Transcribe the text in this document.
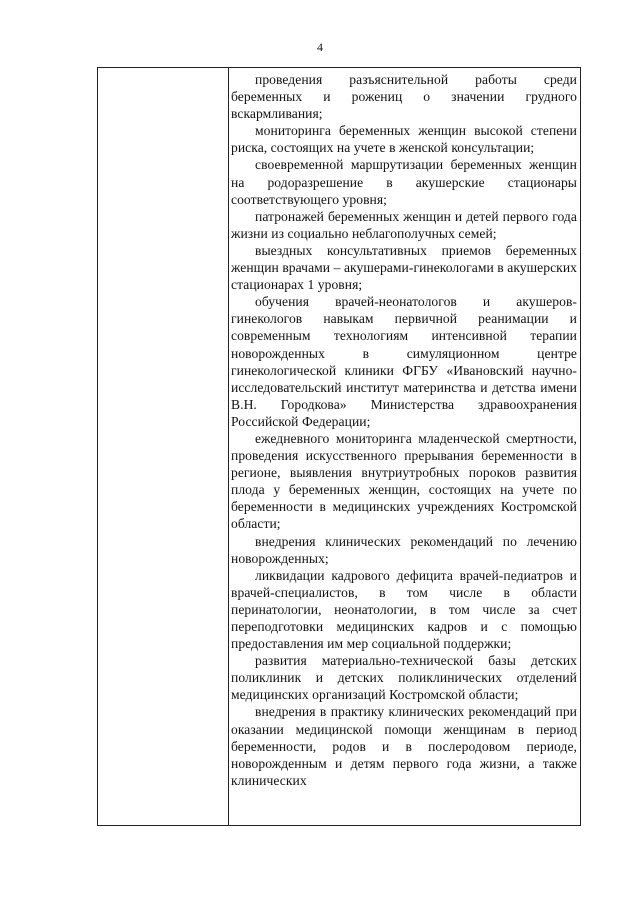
4

проведения разъяснительной работы среди беременных и рожениц о значении грудного вскармливания;

мониторинга беременных женщин высокой степени риска, состоящих на учете в женской консультации;

своевременной маршрутизации беременных женщин на родоразрешение в акушерские стационары соответствующего уровня;

патронажей беременных женщин и детей первого года жизни из социально неблагополучных семей;

выездных консультативных приемов беременных женщин врачами – акушерами-гинекологами в акушерских стационарах 1 уровня;

обучения врачей-неонатологов и акушеров-гинекологов навыкам первичной реанимации и современным технологиям интенсивной терапии новорожденных в симуляционном центре гинекологической клиники ФГБУ «Ивановский научно-исследовательский институт материнства и детства имени В.Н. Городкова» Министерства здравоохранения Российской Федерации;

ежедневного мониторинга младенческой смертности, проведения искусственного прерывания беременности в регионе, выявления внутриутробных пороков развития плода у беременных женщин, состоящих на учете по беременности в медицинских учреждениях Костромской области;

внедрения клинических рекомендаций по лечению новорожденных;

ликвидации кадрового дефицита врачей-педиатров и врачей-специалистов, в том числе в области перинатологии, неонатологии, в том числе за счет переподготовки медицинских кадров и с помощью предоставления им мер социальной поддержки;

развития материально-технической базы детских поликлиник и детских поликлинических отделений медицинских организаций Костромской области;

внедрения в практику клинических рекомендаций при оказании медицинской помощи женщинам в период беременности, родов и в послеродовом периоде, новорожденным и детям первого года жизни, а также клинических
